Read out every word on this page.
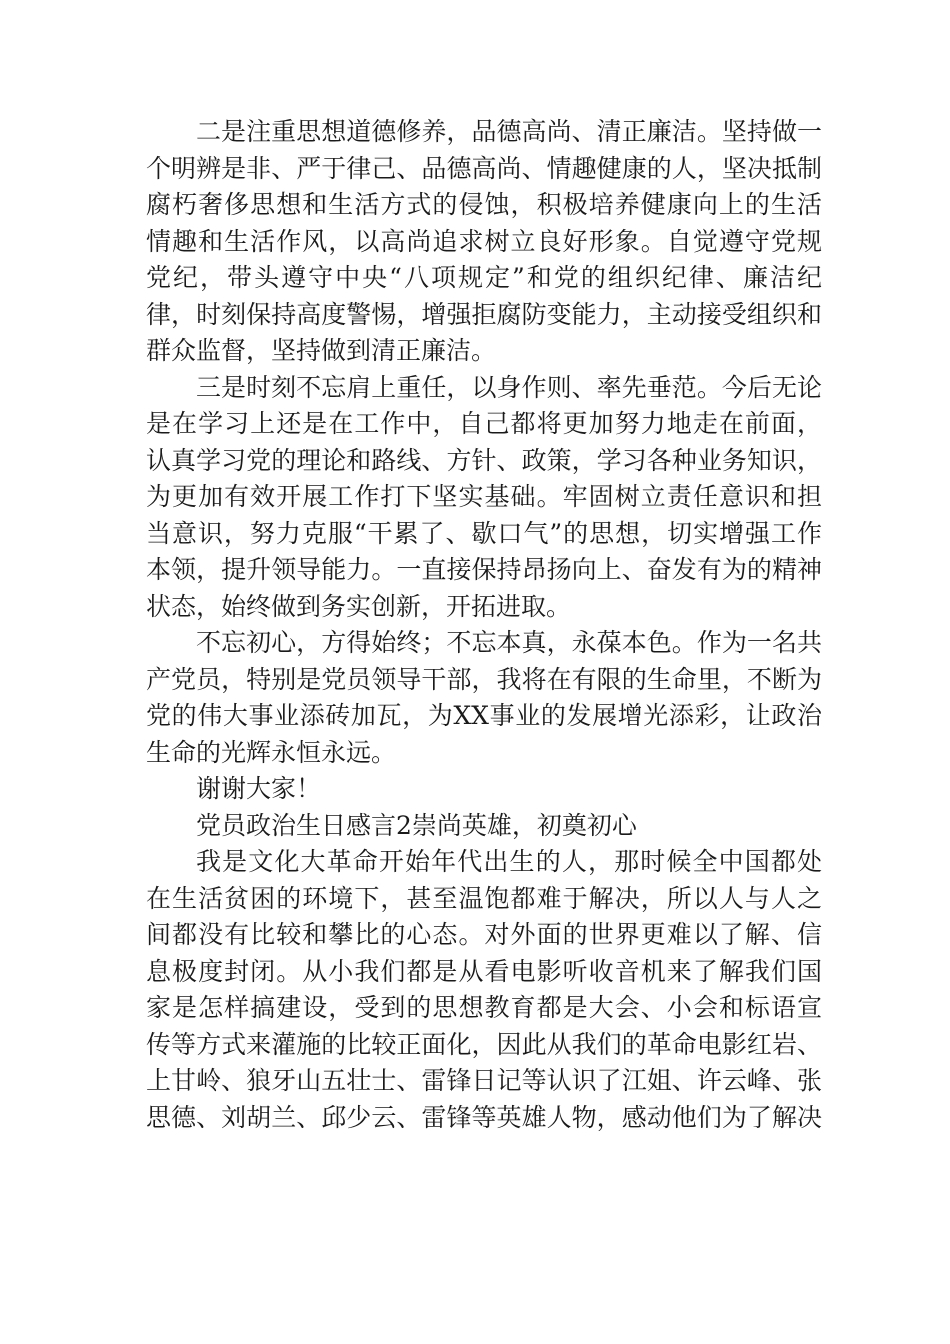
二是注重思想道德修养，品德高尚、清正廉洁。坚持做一
个明辨是非、严于律己、品德高尚、情趣健康的人，坚决抵制
腐朽奢侈思想和生活方式的侵蚀，积极培养健康向上的生活
情趣和生活作风，以高尚追求树立良好形象。自觉遵守党规
党纪，带头遵守中央“八项规定”和党的组织纪律、廉洁纪
律，时刻保持高度警惕，增强拒腐防变能力，主动接受组织和
群众监督，坚持做到清正廉洁。
三是时刻不忘肩上重任，以身作则、率先垂范。今后无论
是在学习上还是在工作中，自己都将更加努力地走在前面，
认真学习党的理论和路线、方针、政策，学习各种业务知识，
为更加有效开展工作打下坚实基础。牢固树立责任意识和担
当意识，努力克服“干累了、歇口气”的思想，切实增强工作
本领，提升领导能力。一直接保持昂扬向上、奋发有为的精神
状态，始终做到务实创新，开拓进取。
不忘初心，方得始终；不忘本真，永葆本色。作为一名共
产党员，特别是党员领导干部，我将在有限的生命里，不断为
党的伟大事业添砖加瓦，为XX事业的发展增光添彩，让政治
生命的光辉永恒永远。
谢谢大家！
党员政治生日感言2崇尚英雄，初奠初心
我是文化大革命开始年代出生的人，那时候全中国都处
在生活贫困的环境下，甚至温饱都难于解决，所以人与人之
间都没有比较和攀比的心态。对外面的世界更难以了解、信
息极度封闭。从小我们都是从看电影听收音机来了解我们国
家是怎样搞建设，受到的思想教育都是大会、小会和标语宣
传等方式来灌施的比较正面化，因此从我们的革命电影红岩、
上甘岭、狼牙山五壮士、雷锋日记等认识了江姐、许云峰、张
思德、刘胡兰、邱少云、雷锋等英雄人物，感动他们为了解决
